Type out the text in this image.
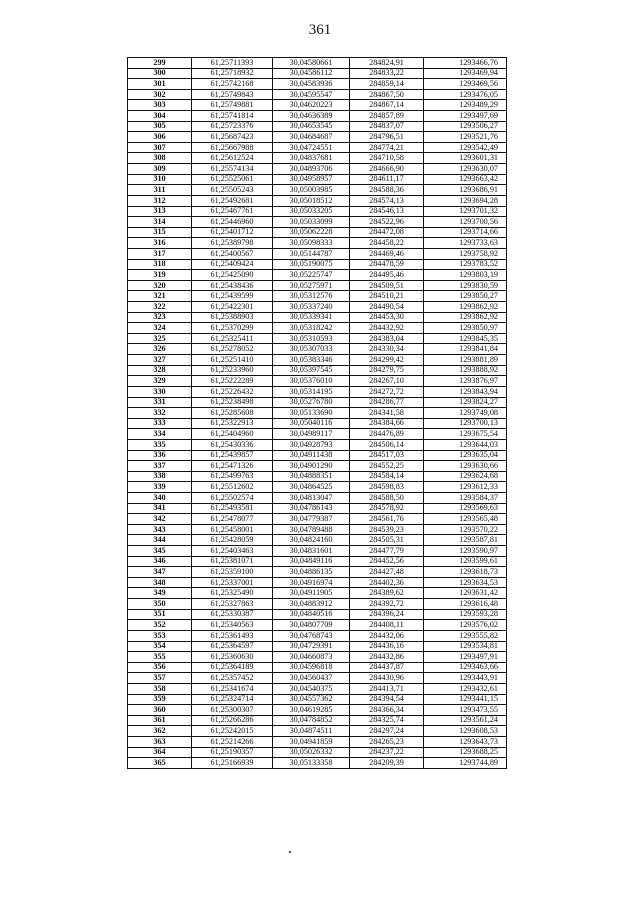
361
299	61,25711393	30,04580661	284824,91	1293466,76
300	61,25718932	30,04586112	284833,22	1293469,94
301	61,25742168	30,04583936	284859,14	1293469,56
302	61,25749843	30,04595547	284867,50	1293476,05
303	61,25749881	30,04620223	284867,14	1293489,29
304	61,25741814	30,04636389	284857,89	1293497,69
305	61,25723376	30,04653545	284837,07	1293506,27
306	61,25687423	30,04684687	284796,51	1293521,76
307	61,25667988	30,04724551	284774,21	1293542,49
308	61,25612524	30,04837681	284710,58	1293601,31
309	61,25574134	30,04893706	284666,90	1293630,07
310	61,25525061	30,04958957	284611,17	1293663,42
311	61,25505243	30,05003985	284588,36	1293686,91
312	61,25492681	30,05018512	284574,13	1293694,28
313	61,25467761	30,05033205	284546,13	1293701,32
314	61,25446960	30,05033099	284522,96	1293700,56
315	61,25401712	30,05062228	284472,08	1293714,66
316	61,25389798	30,05098333	284458,22	1293733,63
317	61,25400567	30,05144787	284469,46	1293758,92
318	61,25409424	30,05190075	284478,59	1293783,52
319	61,25425090	30,05225747	284495,46	1293803,19
320	61,25438436	30,05275971	284509,51	1293830,59
321	61,25439599	30,05312576	284510,21	1293850,27
322	61,25422301	30,05337240	284490,54	1293862,92
323	61,25388903	30,05339341	284453,30	1293862,92
324	61,25370299	30,05318242	284432,92	1293850,97
325	61,25325411	30,05310593	284383,04	1293845,35
326	61,25278052	30,05307033	284330,34	1293841,84
327	61,25251410	30,05383346	284299,42	1293881,89
328	61,25233960	30,05397545	284279,75	1293888,92
329	61,25222289	30,05376010	284267,10	1293876,97
330	61,25226432	30,05314195	284272,72	1293843,94
331	61,25238498	30,05276780	284286,77	1293824,27
332	61,25285608	30,05133690	284341,58	1293749,08
333	61,25322913	30,05040116	284384,66	1293700,13
334	61,25404960	30,04989117	284476,89	1293675,54
335	61,25430336	30,04928793	284506,14	1293644,03
336	61,25439857	30,04911438	284517,03	1293635,04
337	61,25471326	30,04901290	284552,25	1293630,66
338	61,25499763	30,04888351	284584,14	1293624,68
339	61,25512602	30,04864525	284598,83	1293612,33
340	61,25502574	30,04813047	284588,50	1293584,37
341	61,25493581	30,04786143	284578,92	1293569,63
342	61,25478077	30,04779387	284561,76	1293565,48
343	61,25458001	30,04789488	284539,23	1293570,22
344	61,25428059	30,04824160	284505,31	1293587,81
345	61,25403463	30,04831601	284477,79	1293590,97
346	61,25381071	30,04849116	284452,56	1293599,61
347	61,25359100	30,04886135	284427,48	1293618,73
348	61,25337001	30,04916974	284402,36	1293634,53
349	61,25325490	30,04911905	284389,62	1293631,42
350	61,25327863	30,04883912	284392,72	1293616,48
351	61,25330387	30,04840516	284396,24	1293593,28
352	61,25340563	30,04807709	284408,11	1293576,02
353	61,25361493	30,04768743	284432,06	1293555,82
354	61,25364597	30,04729391	284436,16	1293534,81
355	61,25360630	30,04660873	284432,86	1293497,91
356	61,25364189	30,04596818	284437,87	1293463,66
357	61,25357452	30,04560437	284430,96	1293443,91
358	61,25341674	30,04540375	284413,71	1293432,61
359	61,25324714	30,04557362	284394,54	1293441,15
360	61,25300307	30,04619285	284366,34	1293473,55
361	61,25266286	30,04784852	284325,74	1293561,24
362	61,25242015	30,04874511	284297,24	1293608,53
363	61,25214266	30,04941859	284265,23	1293643,73
364	61,25190357	30,05026332	284237,22	1293688,25
365	61,25166939	30,05133358	284209,39	1293744,89
